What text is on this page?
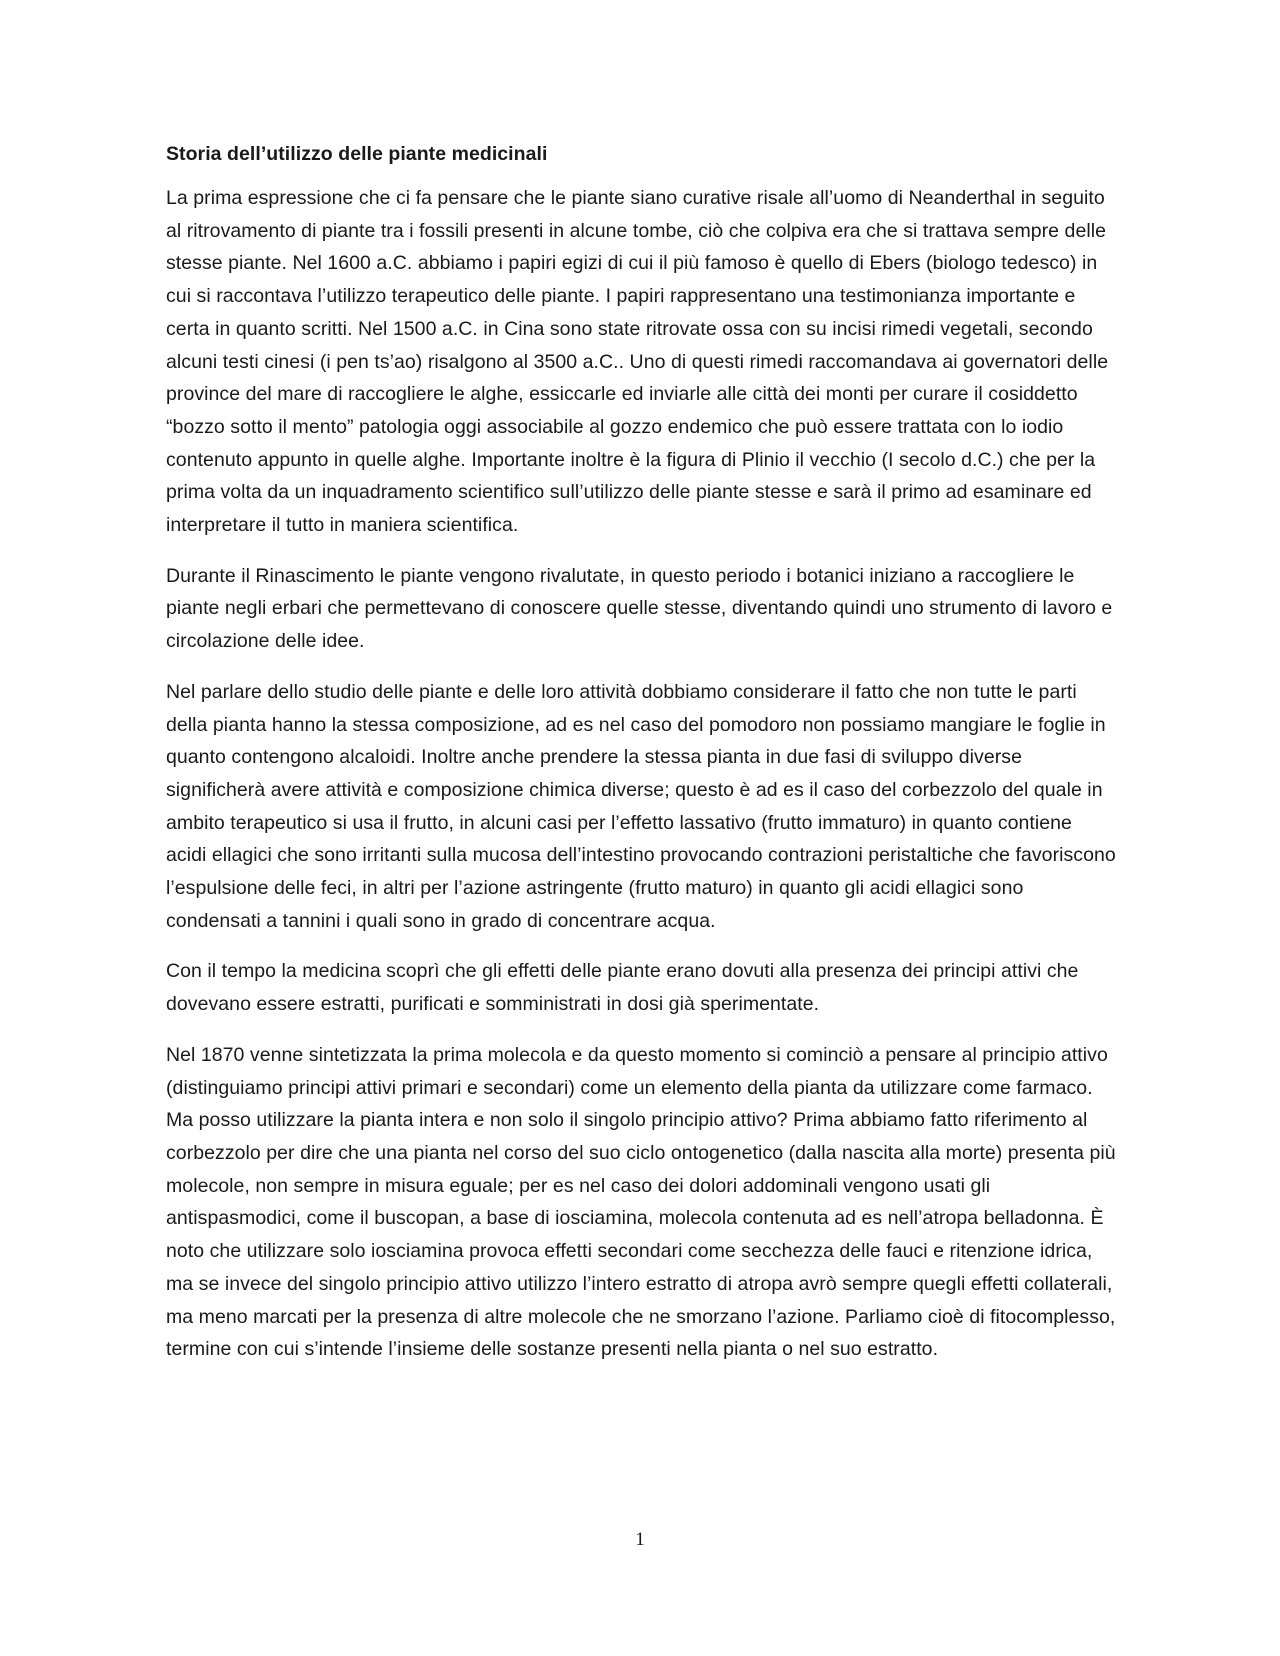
Storia dell’utilizzo delle piante medicinali

La prima espressione che ci fa pensare che le piante siano curative risale all’uomo di Neanderthal in seguito al ritrovamento di piante tra i fossili presenti in alcune tombe, ciò che colpiva era che si trattava sempre delle stesse piante. Nel 1600 a.C. abbiamo i papiri egizi di cui il più famoso è quello di Ebers (biologo tedesco) in cui si raccontava l’utilizzo terapeutico delle piante. I papiri rappresentano una testimonianza importante e certa in quanto scritti. Nel 1500 a.C. in Cina sono state ritrovate ossa con su incisi rimedi vegetali, secondo alcuni testi cinesi (i pen ts’ao) risalgono al 3500 a.C.. Uno di questi rimedi raccomandava ai governatori delle province del mare di raccogliere le alghe, essiccarle ed inviarle alle città dei monti per curare il cosiddetto “bozzo sotto il mento” patologia oggi associabile al gozzo endemico che può essere trattata con lo iodio contenuto appunto in quelle alghe. Importante inoltre è la figura di Plinio il vecchio (I secolo d.C.) che per la prima volta da un inquadramento scientifico sull’utilizzo delle piante stesse e sarà il primo ad esaminare ed interpretare il tutto in maniera scientifica.

Durante il Rinascimento le piante vengono rivalutate, in questo periodo i botanici iniziano a raccogliere le piante negli erbari che permettevano di conoscere quelle stesse, diventando quindi uno strumento di lavoro e circolazione delle idee.

Nel parlare dello studio delle piante e delle loro attività dobbiamo considerare il fatto che non tutte le parti della pianta hanno la stessa composizione, ad es nel caso del pomodoro non possiamo mangiare le foglie in quanto contengono alcaloidi. Inoltre anche prendere la stessa pianta in due fasi di sviluppo diverse significherà avere attività e composizione chimica diverse; questo è ad es il caso del corbezzolo del quale in ambito terapeutico si usa il frutto, in alcuni casi per l’effetto lassativo (frutto immaturo) in quanto contiene acidi ellagici che sono irritanti sulla mucosa dell’intestino provocando contrazioni peristaltiche che favoriscono l’espulsione delle feci, in altri per l’azione astringente (frutto maturo) in quanto gli acidi ellagici sono condensati a tannini i quali sono in grado di concentrare acqua.

Con il tempo la medicina scoprì che gli effetti delle piante erano dovuti alla presenza dei principi attivi che dovevano essere estratti, purificati e somministrati in dosi già sperimentate.

Nel 1870 venne sintetizzata la prima molecola e da questo momento si cominciò a pensare al principio attivo (distinguiamo principi attivi primari e secondari) come un elemento della pianta da utilizzare come farmaco. Ma posso utilizzare la pianta intera e non solo il singolo principio attivo? Prima abbiamo fatto riferimento al corbezzolo per dire che una pianta nel corso del suo ciclo ontogenetico (dalla nascita alla morte) presenta più molecole, non sempre in misura eguale; per es nel caso dei dolori addominali vengono usati gli antispasmodici, come il buscopan, a base di iosciamina, molecola contenuta ad es nell’atropa belladonna. È noto che utilizzare solo iosciamina provoca effetti secondari come secchezza delle fauci e ritenzione idrica, ma se invece del singolo principio attivo utilizzo l’intero estratto di atropa avrò sempre quegli effetti collaterali, ma meno marcati per la presenza di altre molecole che ne smorzano l’azione. Parliamo cioè di fitocomplesso, termine con cui s’intende l’insieme delle sostanze presenti nella pianta o nel suo estratto.

1
